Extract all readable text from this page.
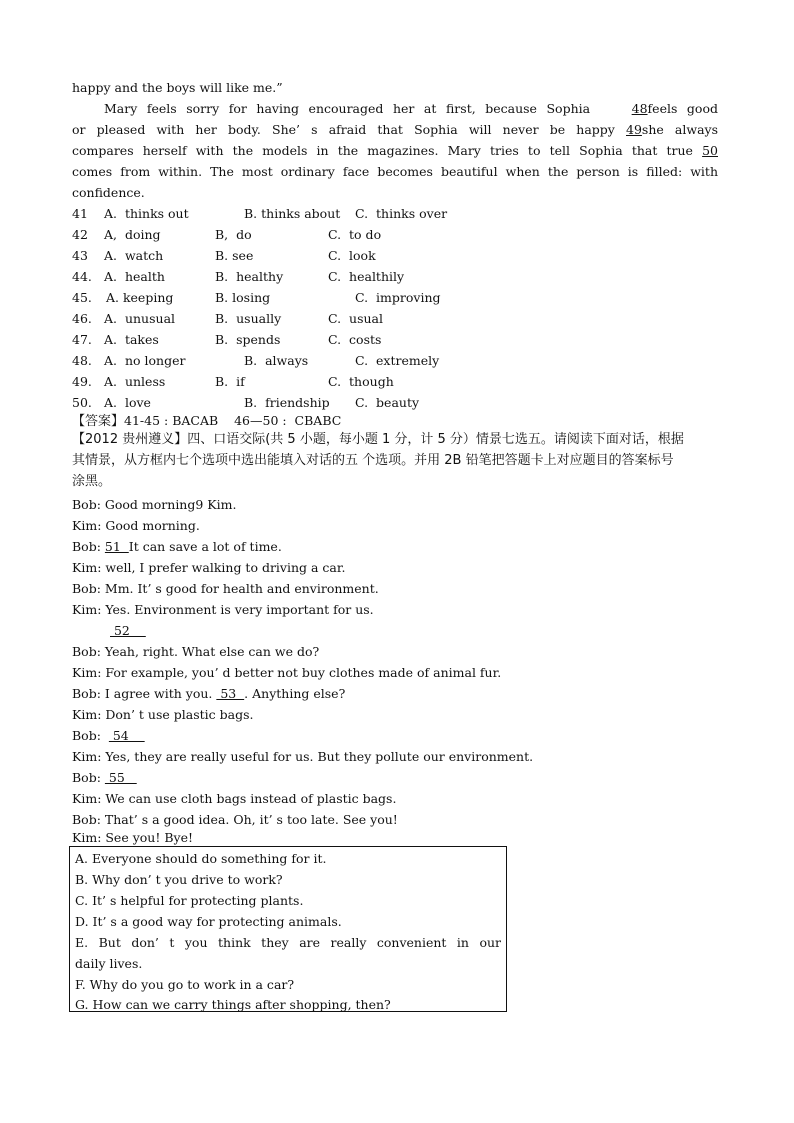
happy and the boys will like me.”
Mary feels sorry for having encouraged her at first, because Sophia	48feels good
or pleased with her body. She’ s afraid that Sophia will never be happy 49she always
compares herself with the models in the magazines. Mary tries to tell Sophia that true 50
comes from within. The most ordinary face becomes beautiful when the person is filled: with
confidence.

41

A.  thinks out

	B. thinks about

C.  thinks over

42

A,  doing

	B,  do

	C.  to do

43

A.  watch

	B. see

	C.  look

44.

A.  health

	B.  healthy

	C.  healthily

45.

A. keeping

	B. losing

	C.  improving

46.

A.  unusual

	B.  usually

	C.  usual

47.

A.  takes

	B.  spends

	C.  costs

48.

A.  no longer

	B.  always

	C.  extremely

49.

A.  unless

	B.  if

	C.  though

50.

A.  love

	B.  friendship

C.  beauty

【答案】41-45 : BACAB    46—50 :  CBABC
【2012 贵州遵义】四、口语交际(共 5 小题，每小题 1 分，计 5 分）情景七选五。请阅读下面对话，根据
其情景，从方框内七个选项中选出能填入对话的五 个选项。并用 2B 铅笔把答题卡上对应题目的答案标号
涂黑。
Bob: Good morning9 Kim.
Kim: Good morning.
Bob: 51  It can save a lot of time.
Kim: well, I prefer walking to driving a car.
Bob: Mm. It’ s good for health and environment.
Kim: Yes. Environment is very important for us.
52
Bob: Yeah, right. What else can we do?
Kim: For example, you’ d better not buy clothes made of animal fur.
Bob: I agree with you.  53  . Anything else?
Kim: Don’ t use plastic bags.
Bob:   54
Kim: Yes, they are really useful for us. But they pollute our environment.
Bob:  55
Kim: We can use cloth bags instead of plastic bags.
Bob: That’ s a good idea. Oh, it’ s too late. See you!
Kim: See you! Bye!
A. Everyone should do something for it.
B. Why don’ t you drive to work?
C. It’ s helpful for protecting plants.
D. It’ s a good way for protecting animals.
E. But don’ t you think they are really convenient in our
daily lives.
F. Why do you go to work in a car?
G. How can we carry things after shopping, then?
